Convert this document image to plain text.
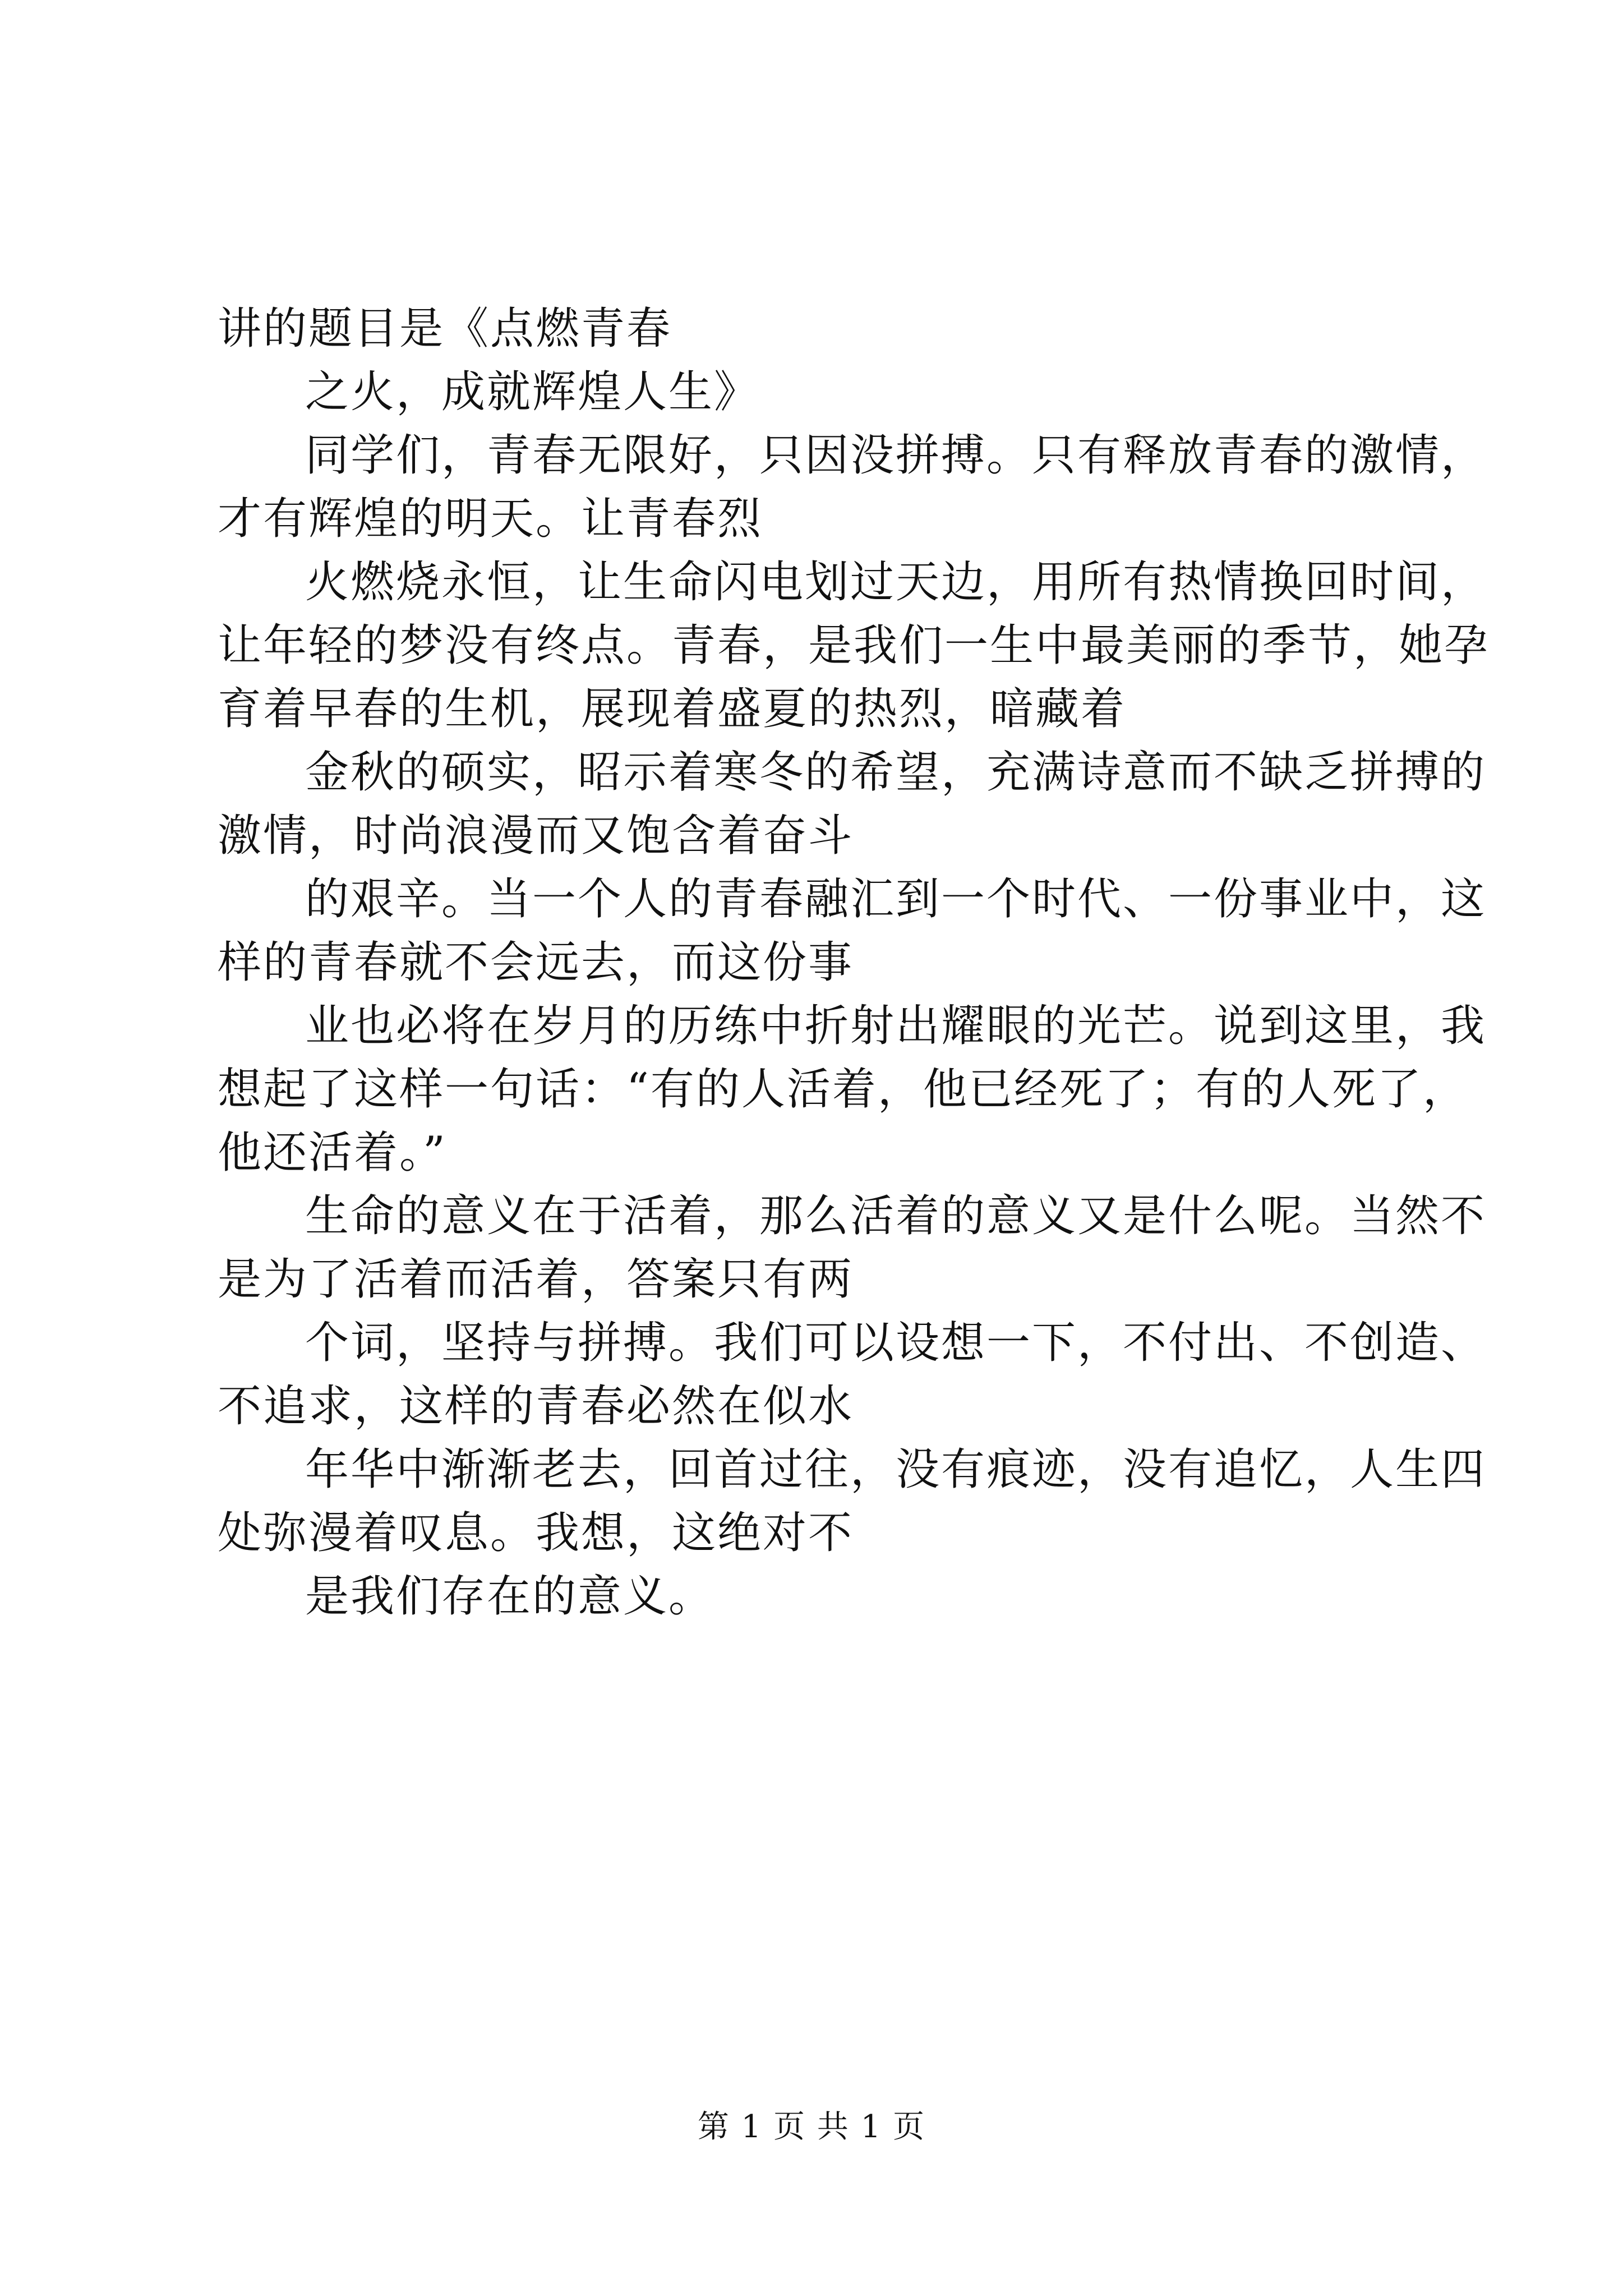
讲的题目是《点燃青春
之火，成就辉煌人生》
同学们，青春无限好，只因没拼搏。只有释放青春的激情，
才有辉煌的明天。让青春烈
火燃烧永恒，让生命闪电划过天边，用所有热情换回时间，
让年轻的梦没有终点。青春，是我们一生中最美丽的季节，她孕
育着早春的生机，展现着盛夏的热烈，暗藏着
金秋的硕实，昭示着寒冬的希望，充满诗意而不缺乏拼搏的
激情，时尚浪漫而又饱含着奋斗
的艰辛。当一个人的青春融汇到一个时代、一份事业中，这
样的青春就不会远去，而这份事
业也必将在岁月的历练中折射出耀眼的光芒。说到这里，我
想起了这样一句话：“有的人活着，他已经死了；有的人死了，
他还活着。”
生命的意义在于活着，那么活着的意义又是什么呢。当然不
是为了活着而活着，答案只有两
个词，坚持与拼搏。我们可以设想一下，不付出、不创造、
不追求，这样的青春必然在似水
年华中渐渐老去，回首过往，没有痕迹，没有追忆，人生四
处弥漫着叹息。我想，这绝对不
是我们存在的意义。
第 1 页 共 1 页
